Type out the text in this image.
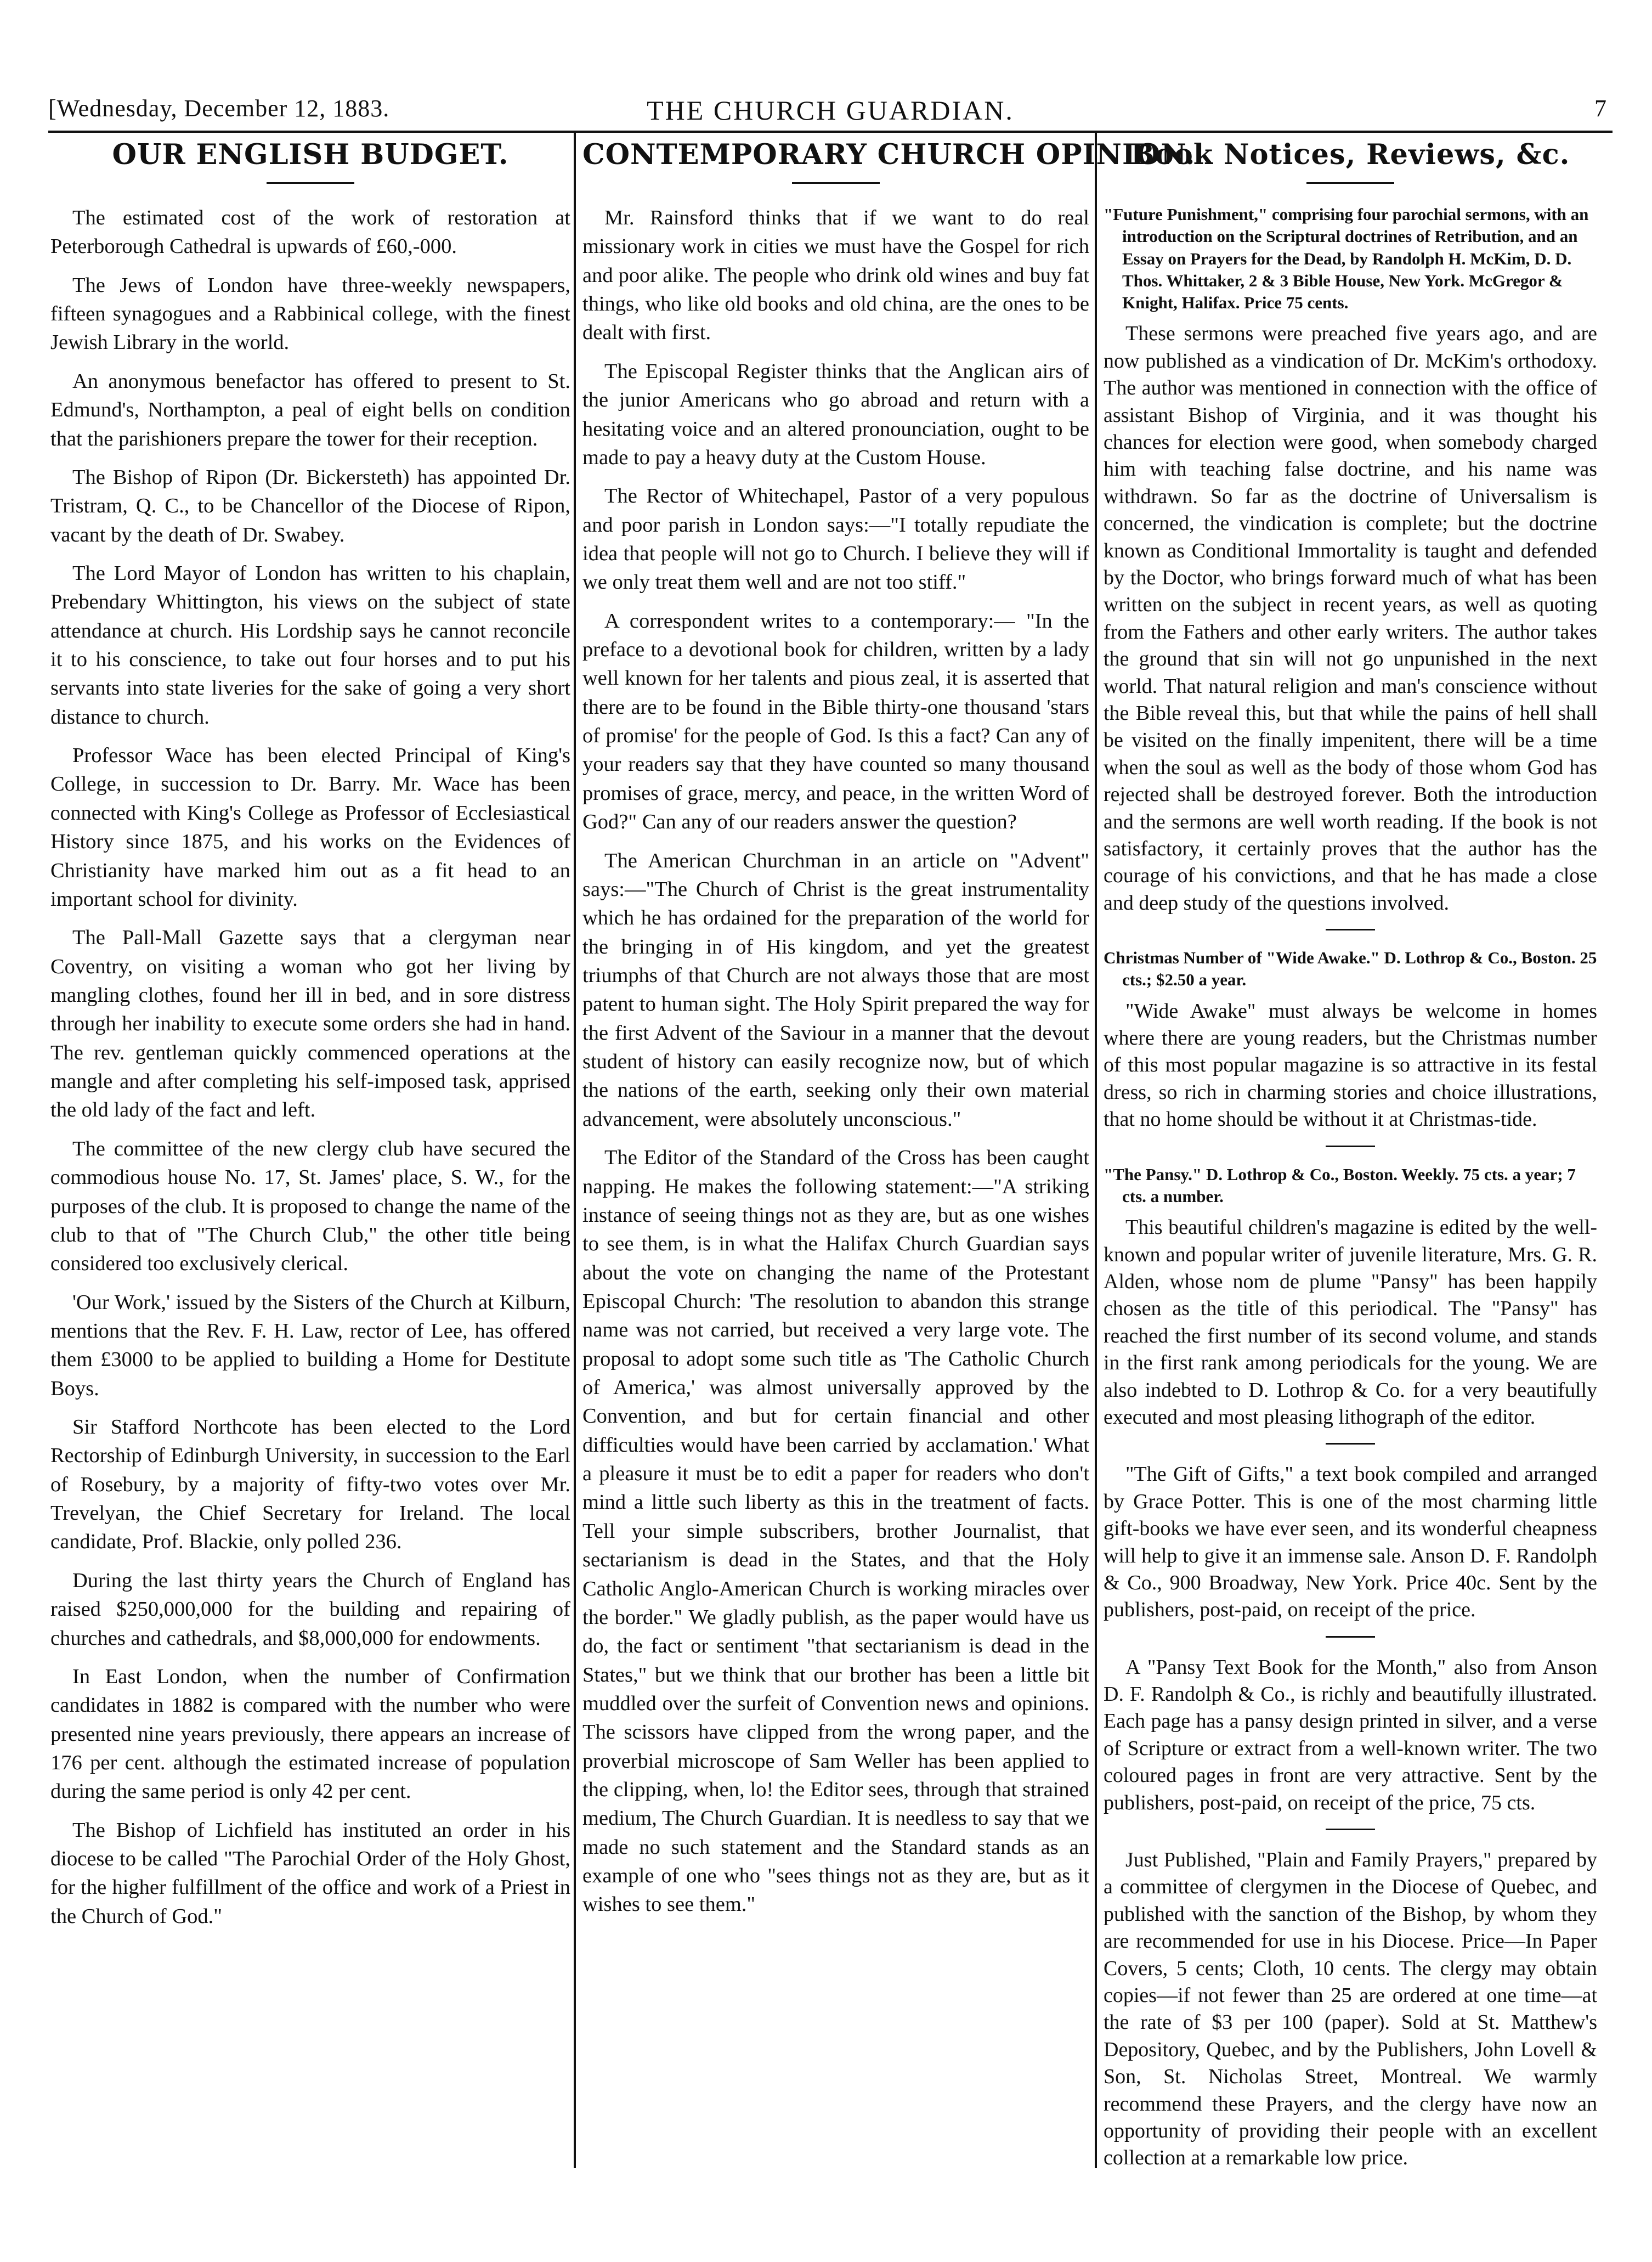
[Wednesday, December 12, 1883.	THE CHURCH GUARDIAN.	7
OUR ENGLISH BUDGET.

The estimated cost of the work of restoration at Peterborough Cathedral is upwards of £60,-000.

The Jews of London have three-weekly newspapers, fifteen synagogues and a Rabbinical college, with the finest Jewish Library in the world.

An anonymous benefactor has offered to present to St. Edmund's, Northampton, a peal of eight bells on condition that the parishioners prepare the tower for their reception.

The Bishop of Ripon (Dr. Bickersteth) has appointed Dr. Tristram, Q. C., to be Chancellor of the Diocese of Ripon, vacant by the death of Dr. Swabey.

The Lord Mayor of London has written to his chaplain, Prebendary Whittington, his views on the subject of state attendance at church. His Lordship says he cannot reconcile it to his conscience, to take out four horses and to put his servants into state liveries for the sake of going a very short distance to church.

Professor Wace has been elected Principal of King's College, in succession to Dr. Barry. Mr. Wace has been connected with King's College as Professor of Ecclesiastical History since 1875, and his works on the Evidences of Christianity have marked him out as a fit head to an important school for divinity.

The Pall-Mall Gazette says that a clergyman near Coventry, on visiting a woman who got her living by mangling clothes, found her ill in bed, and in sore distress through her inability to execute some orders she had in hand. The rev. gentleman quickly commenced operations at the mangle and after completing his self-imposed task, apprised the old lady of the fact and left.

The committee of the new clergy club have secured the commodious house No. 17, St. James' place, S. W., for the purposes of the club. It is proposed to change the name of the club to that of "The Church Club," the other title being considered too exclusively clerical.

'Our Work,' issued by the Sisters of the Church at Kilburn, mentions that the Rev. F. H. Law, rector of Lee, has offered them £3000 to be applied to building a Home for Destitute Boys.

Sir Stafford Northcote has been elected to the Lord Rectorship of Edinburgh University, in succession to the Earl of Rosebury, by a majority of fifty-two votes over Mr. Trevelyan, the Chief Secretary for Ireland. The local candidate, Prof. Blackie, only polled 236.

During the last thirty years the Church of England has raised $250,000,000 for the building and repairing of churches and cathedrals, and $8,000,000 for endowments.

In East London, when the number of Confirmation candidates in 1882 is compared with the number who were presented nine years previously, there appears an increase of 176 per cent. although the estimated increase of population during the same period is only 42 per cent.

The Bishop of Lichfield has instituted an order in his diocese to be called "The Parochial Order of the Holy Ghost, for the higher fulfillment of the office and work of a Priest in the Church of God."

CONTEMPORARY CHURCH OPINION.

Mr. Rainsford thinks that if we want to do real missionary work in cities we must have the Gospel for rich and poor alike. The people who drink old wines and buy fat things, who like old books and old china, are the ones to be dealt with first.

The Episcopal Register thinks that the Anglican airs of the junior Americans who go abroad and return with a hesitating voice and an altered pronounciation, ought to be made to pay a heavy duty at the Custom House.

The Rector of Whitechapel, Pastor of a very populous and poor parish in London says:—"I totally repudiate the idea that people will not go to Church. I believe they will if we only treat them well and are not too stiff."

A correspondent writes to a contemporary:— "In the preface to a devotional book for children, written by a lady well known for her talents and pious zeal, it is asserted that there are to be found in the Bible thirty-one thousand 'stars of promise' for the people of God. Is this a fact? Can any of your readers say that they have counted so many thousand promises of grace, mercy, and peace, in the written Word of God?" Can any of our readers answer the question?

The American Churchman in an article on "Advent" says:—"The Church of Christ is the great instrumentality which he has ordained for the preparation of the world for the bringing in of His kingdom, and yet the greatest triumphs of that Church are not always those that are most patent to human sight. The Holy Spirit prepared the way for the first Advent of the Saviour in a manner that the devout student of history can easily recognize now, but of which the nations of the earth, seeking only their own material advancement, were absolutely unconscious."

The Editor of the Standard of the Cross has been caught napping. He makes the following statement:—"A striking instance of seeing things not as they are, but as one wishes to see them, is in what the Halifax Church Guardian says about the vote on changing the name of the Protestant Episcopal Church: 'The resolution to abandon this strange name was not carried, but received a very large vote. The proposal to adopt some such title as 'The Catholic Church of America,' was almost universally approved by the Convention, and but for certain financial and other difficulties would have been carried by acclamation.' What a pleasure it must be to edit a paper for readers who don't mind a little such liberty as this in the treatment of facts. Tell your simple subscribers, brother Journalist, that sectarianism is dead in the States, and that the Holy Catholic Anglo-American Church is working miracles over the border." We gladly publish, as the paper would have us do, the fact or sentiment "that sectarianism is dead in the States," but we think that our brother has been a little bit muddled over the surfeit of Convention news and opinions. The scissors have clipped from the wrong paper, and the proverbial microscope of Sam Weller has been applied to the clipping, when, lo! the Editor sees, through that strained medium, The Church Guardian. It is needless to say that we made no such statement and the Standard stands as an example of one who "sees things not as they are, but as it wishes to see them."

Book Notices, Reviews, &c.

"Future Punishment," comprising four parochial sermons, with an introduction on the Scriptural doctrines of Retribution, and an Essay on Prayers for the Dead, by Randolph H. McKim, D. D. Thos. Whittaker, 2 & 3 Bible House, New York. McGregor & Knight, Halifax. Price 75 cents.

These sermons were preached five years ago, and are now published as a vindication of Dr. McKim's orthodoxy. The author was mentioned in connection with the office of assistant Bishop of Virginia, and it was thought his chances for election were good, when somebody charged him with teaching false doctrine, and his name was withdrawn. So far as the doctrine of Universalism is concerned, the vindication is complete; but the doctrine known as Conditional Immortality is taught and defended by the Doctor, who brings forward much of what has been written on the subject in recent years, as well as quoting from the Fathers and other early writers. The author takes the ground that sin will not go unpunished in the next world. That natural religion and man's conscience without the Bible reveal this, but that while the pains of hell shall be visited on the finally impenitent, there will be a time when the soul as well as the body of those whom God has rejected shall be destroyed forever. Both the introduction and the sermons are well worth reading. If the book is not satisfactory, it certainly proves that the author has the courage of his convictions, and that he has made a close and deep study of the questions involved.

Christmas Number of "Wide Awake." D. Lothrop & Co., Boston. 25 cts.; $2.50 a year.

"Wide Awake" must always be welcome in homes where there are young readers, but the Christmas number of this most popular magazine is so attractive in its festal dress, so rich in charming stories and choice illustrations, that no home should be without it at Christmas-tide.

"The Pansy." D. Lothrop & Co., Boston. Weekly. 75 cts. a year; 7 cts. a number.

This beautiful children's magazine is edited by the well-known and popular writer of juvenile literature, Mrs. G. R. Alden, whose nom de plume "Pansy" has been happily chosen as the title of this periodical. The "Pansy" has reached the first number of its second volume, and stands in the first rank among periodicals for the young. We are also indebted to D. Lothrop & Co. for a very beautifully executed and most pleasing lithograph of the editor.

"The Gift of Gifts," a text book compiled and arranged by Grace Potter. This is one of the most charming little gift-books we have ever seen, and its wonderful cheapness will help to give it an immense sale. Anson D. F. Randolph & Co., 900 Broadway, New York. Price 40c. Sent by the publishers, post-paid, on receipt of the price.

A "Pansy Text Book for the Month," also from Anson D. F. Randolph & Co., is richly and beautifully illustrated. Each page has a pansy design printed in silver, and a verse of Scripture or extract from a well-known writer. The two coloured pages in front are very attractive. Sent by the publishers, post-paid, on receipt of the price, 75 cts.

Just Published, "Plain and Family Prayers," prepared by a committee of clergymen in the Diocese of Quebec, and published with the sanction of the Bishop, by whom they are recommended for use in his Diocese. Price—In Paper Covers, 5 cents; Cloth, 10 cents. The clergy may obtain copies—if not fewer than 25 are ordered at one time—at the rate of $3 per 100 (paper). Sold at St. Matthew's Depository, Quebec, and by the Publishers, John Lovell & Son, St. Nicholas Street, Montreal. We warmly recommend these Prayers, and the clergy have now an opportunity of providing their people with an excellent collection at a remarkable low price.
